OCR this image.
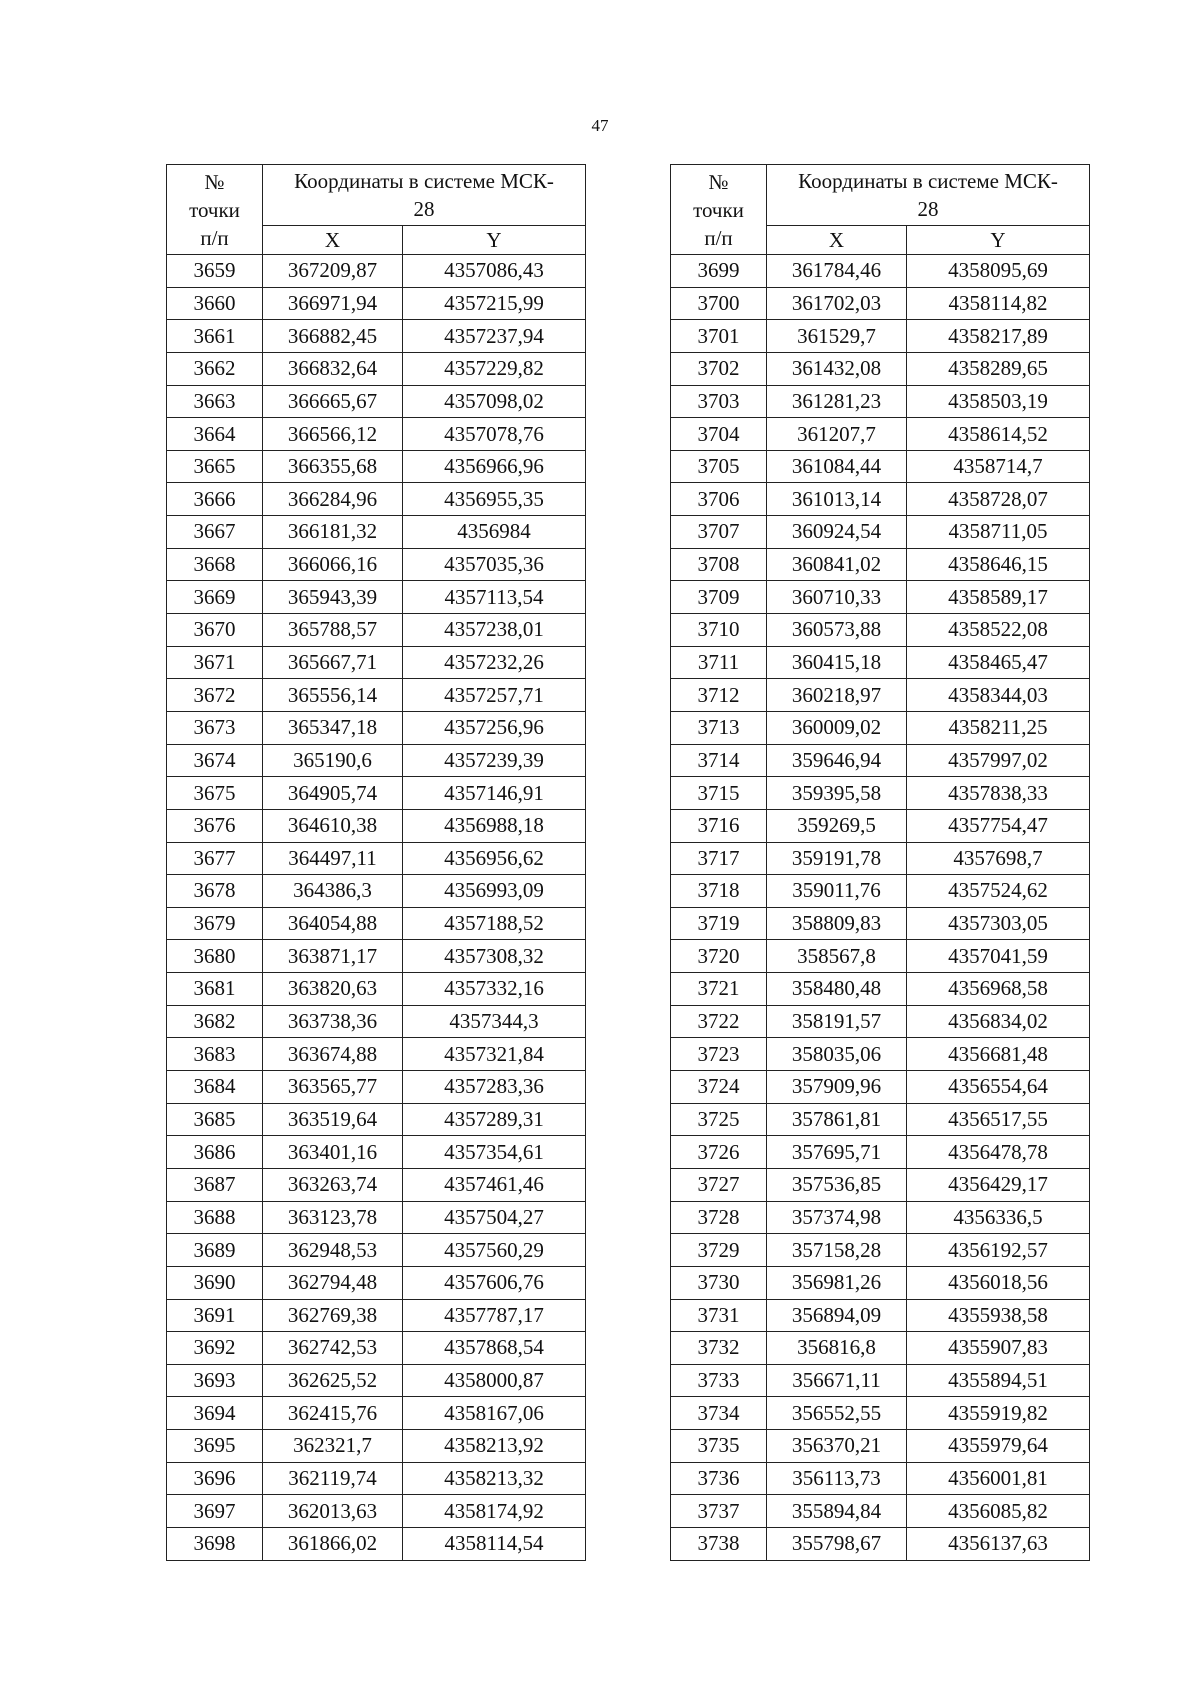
47
№
точки
п/п	Координаты в системе МСК-
28	

	X	Y
3659	367209,87	4357086,43
3660	366971,94	4357215,99
3661	366882,45	4357237,94
3662	366832,64	4357229,82
3663	366665,67	4357098,02
3664	366566,12	4357078,76
3665	366355,68	4356966,96
3666	366284,96	4356955,35
3667	366181,32	4356984
3668	366066,16	4357035,36
3669	365943,39	4357113,54
3670	365788,57	4357238,01
3671	365667,71	4357232,26
3672	365556,14	4357257,71
3673	365347,18	4357256,96
3674	365190,6	4357239,39
3675	364905,74	4357146,91
3676	364610,38	4356988,18
3677	364497,11	4356956,62
3678	364386,3	4356993,09
3679	364054,88	4357188,52
3680	363871,17	4357308,32
3681	363820,63	4357332,16
3682	363738,36	4357344,3
3683	363674,88	4357321,84
3684	363565,77	4357283,36
3685	363519,64	4357289,31
3686	363401,16	4357354,61
3687	363263,74	4357461,46
3688	363123,78	4357504,27
3689	362948,53	4357560,29
3690	362794,48	4357606,76
3691	362769,38	4357787,17
3692	362742,53	4357868,54
3693	362625,52	4358000,87
3694	362415,76	4358167,06
3695	362321,7	4358213,92
3696	362119,74	4358213,32
3697	362013,63	4358174,92
3698	361866,02	4358114,54
№
точки
п/п	Координаты в системе МСК-
28	

	X	Y
3699	361784,46	4358095,69
3700	361702,03	4358114,82
3701	361529,7	4358217,89
3702	361432,08	4358289,65
3703	361281,23	4358503,19
3704	361207,7	4358614,52
3705	361084,44	4358714,7
3706	361013,14	4358728,07
3707	360924,54	4358711,05
3708	360841,02	4358646,15
3709	360710,33	4358589,17
3710	360573,88	4358522,08
3711	360415,18	4358465,47
3712	360218,97	4358344,03
3713	360009,02	4358211,25
3714	359646,94	4357997,02
3715	359395,58	4357838,33
3716	359269,5	4357754,47
3717	359191,78	4357698,7
3718	359011,76	4357524,62
3719	358809,83	4357303,05
3720	358567,8	4357041,59
3721	358480,48	4356968,58
3722	358191,57	4356834,02
3723	358035,06	4356681,48
3724	357909,96	4356554,64
3725	357861,81	4356517,55
3726	357695,71	4356478,78
3727	357536,85	4356429,17
3728	357374,98	4356336,5
3729	357158,28	4356192,57
3730	356981,26	4356018,56
3731	356894,09	4355938,58
3732	356816,8	4355907,83
3733	356671,11	4355894,51
3734	356552,55	4355919,82
3735	356370,21	4355979,64
3736	356113,73	4356001,81
3737	355894,84	4356085,82
3738	355798,67	4356137,63
